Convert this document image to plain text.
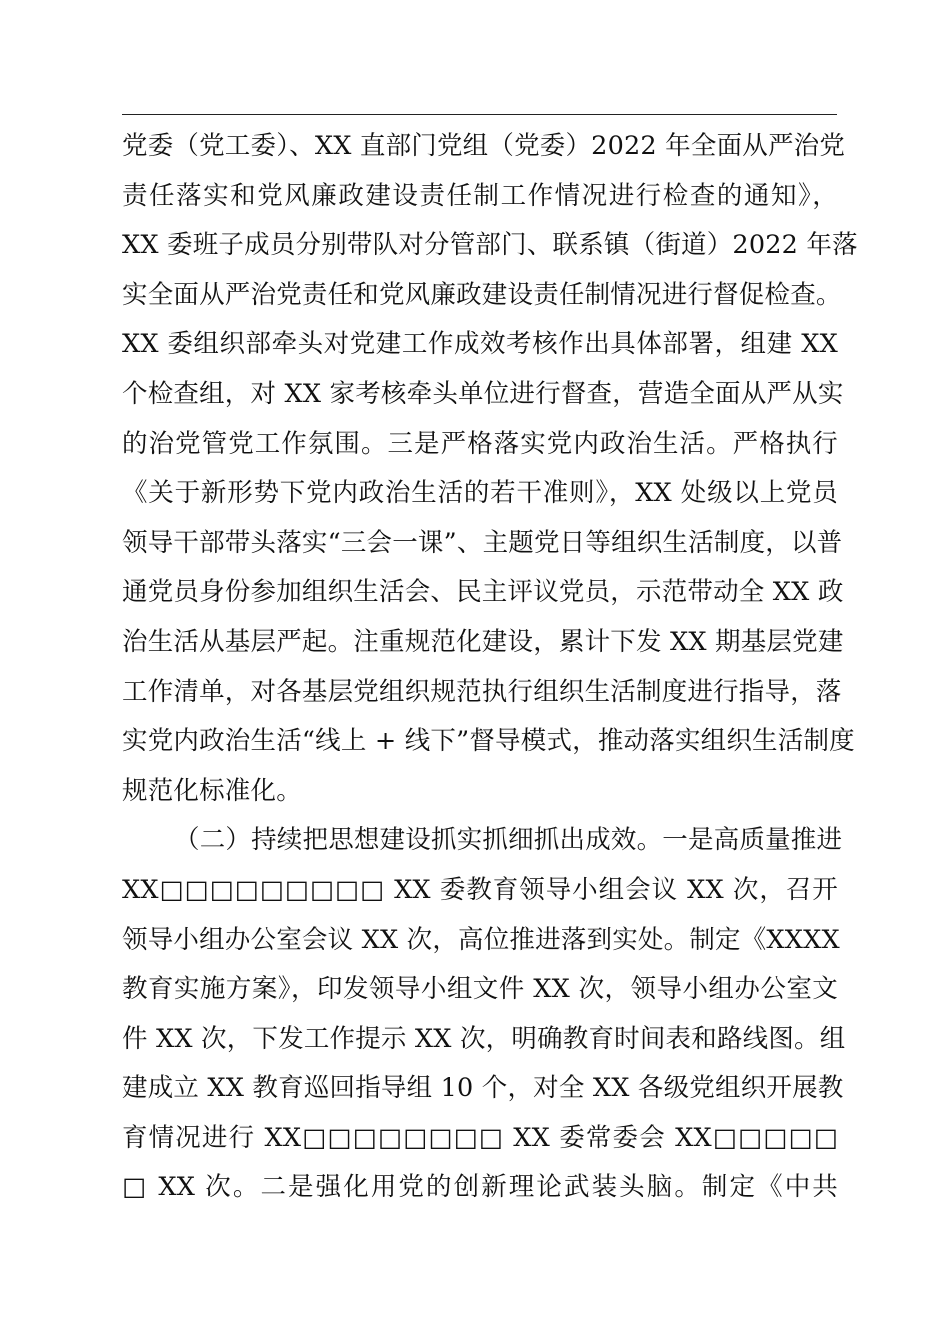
党委（党工委）、XX 直部门党组（党委）2022 年全面从严治党
责任落实和党风廉政建设责任制工作情况进行检查的通知》，
XX 委班子成员分别带队对分管部门、联系镇（街道）2022 年落
实全面从严治党责任和党风廉政建设责任制情况进行督促检查。
XX 委组织部牵头对党建工作成效考核作出具体部署，组建 XX
个检查组，对 XX 家考核牵头单位进行督查，营造全面从严从实
的治党管党工作氛围。三是严格落实党内政治生活。严格执行
《关于新形势下党内政治生活的若干准则》，XX 处级以上党员
领导干部带头落实“三会一课”、主题党日等组织生活制度，以普
通党员身份参加组织生活会、民主评议党员，示范带动全 XX 政
治生活从基层严起。注重规范化建设，累计下发 XX 期基层党建
工作清单，对各基层党组织规范执行组织生活制度进行指导，落
实党内政治生活“线上 + 线下”督导模式，推动落实组织生活制度
规范化标准化。
（二）持续把思想建设抓实抓细抓出成效。一是高质量推进
XX□□□□□□□□□ XX 委教育领导小组会议 XX 次，召开
领导小组办公室会议 XX 次，高位推进落到实处。制定《XXXX
教育实施方案》，印发领导小组文件 XX 次，领导小组办公室文
件 XX 次，下发工作提示 XX 次，明确教育时间表和路线图。组
建成立 XX 教育巡回指导组 10 个，对全 XX 各级党组织开展教
育情况进行 XX□□□□□□□□ XX 委常委会 XX□□□□□
□ XX 次。二是强化用党的创新理论武装头脑。制定《中共
